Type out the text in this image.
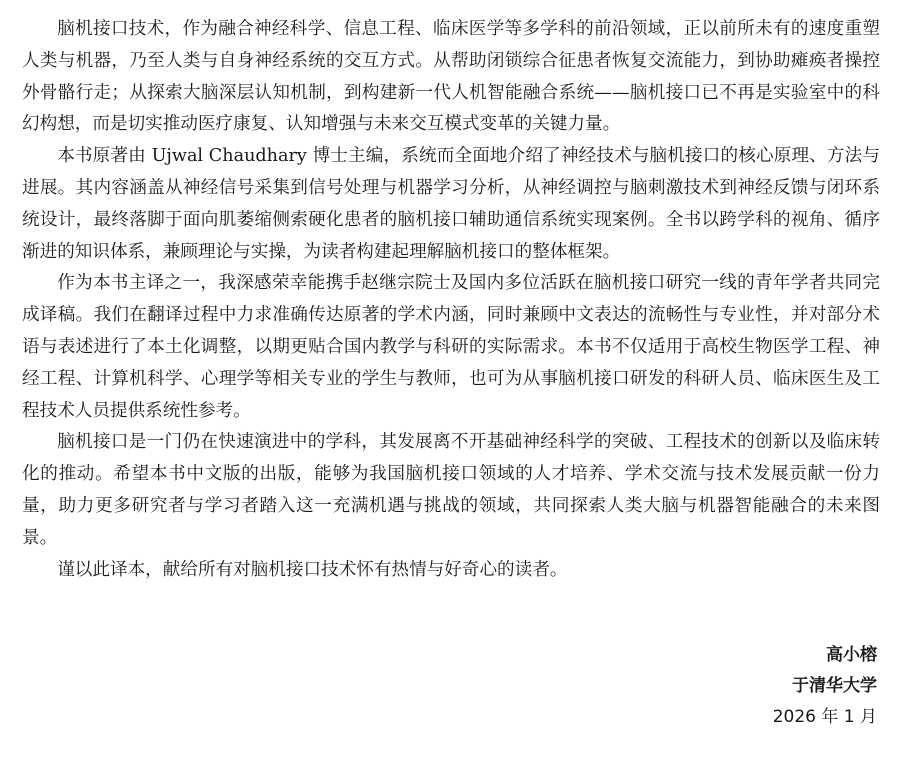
脑机接口技术，作为融合神经科学、信息工程、临床医学等多学科的前沿领域，正以前所未有的速度重塑人类与机器，乃至人类与自身神经系统的交互方式。从帮助闭锁综合征患者恢复交流能力，到协助瘫痪者操控外骨骼行走；从探索大脑深层认知机制，到构建新一代人机智能融合系统——脑机接口已不再是实验室中的科幻构想，而是切实推动医疗康复、认知增强与未来交互模式变革的关键力量。

本书原著由 Ujwal Chaudhary 博士主编，系统而全面地介绍了神经技术与脑机接口的核心原理、方法与进展。其内容涵盖从神经信号采集到信号处理与机器学习分析，从神经调控与脑刺激技术到神经反馈与闭环系统设计，最终落脚于面向肌萎缩侧索硬化患者的脑机接口辅助通信系统实现案例。全书以跨学科的视角、循序渐进的知识体系，兼顾理论与实操，为读者构建起理解脑机接口的整体框架。

作为本书主译之一，我深感荣幸能携手赵继宗院士及国内多位活跃在脑机接口研究一线的青年学者共同完成译稿。我们在翻译过程中力求准确传达原著的学术内涵，同时兼顾中文表达的流畅性与专业性，并对部分术语与表述进行了本土化调整，以期更贴合国内教学与科研的实际需求。本书不仅适用于高校生物医学工程、神经工程、计算机科学、心理学等相关专业的学生与教师，也可为从事脑机接口研发的科研人员、临床医生及工程技术人员提供系统性参考。

脑机接口是一门仍在快速演进中的学科，其发展离不开基础神经科学的突破、工程技术的创新以及临床转化的推动。希望本书中文版的出版，能够为我国脑机接口领域的人才培养、学术交流与技术发展贡献一份力量，助力更多研究者与学习者踏入这一充满机遇与挑战的领域，共同探索人类大脑与机器智能融合的未来图景。

谨以此译本，献给所有对脑机接口技术怀有热情与好奇心的读者。

高小榕
于清华大学
2026 年 1 月
